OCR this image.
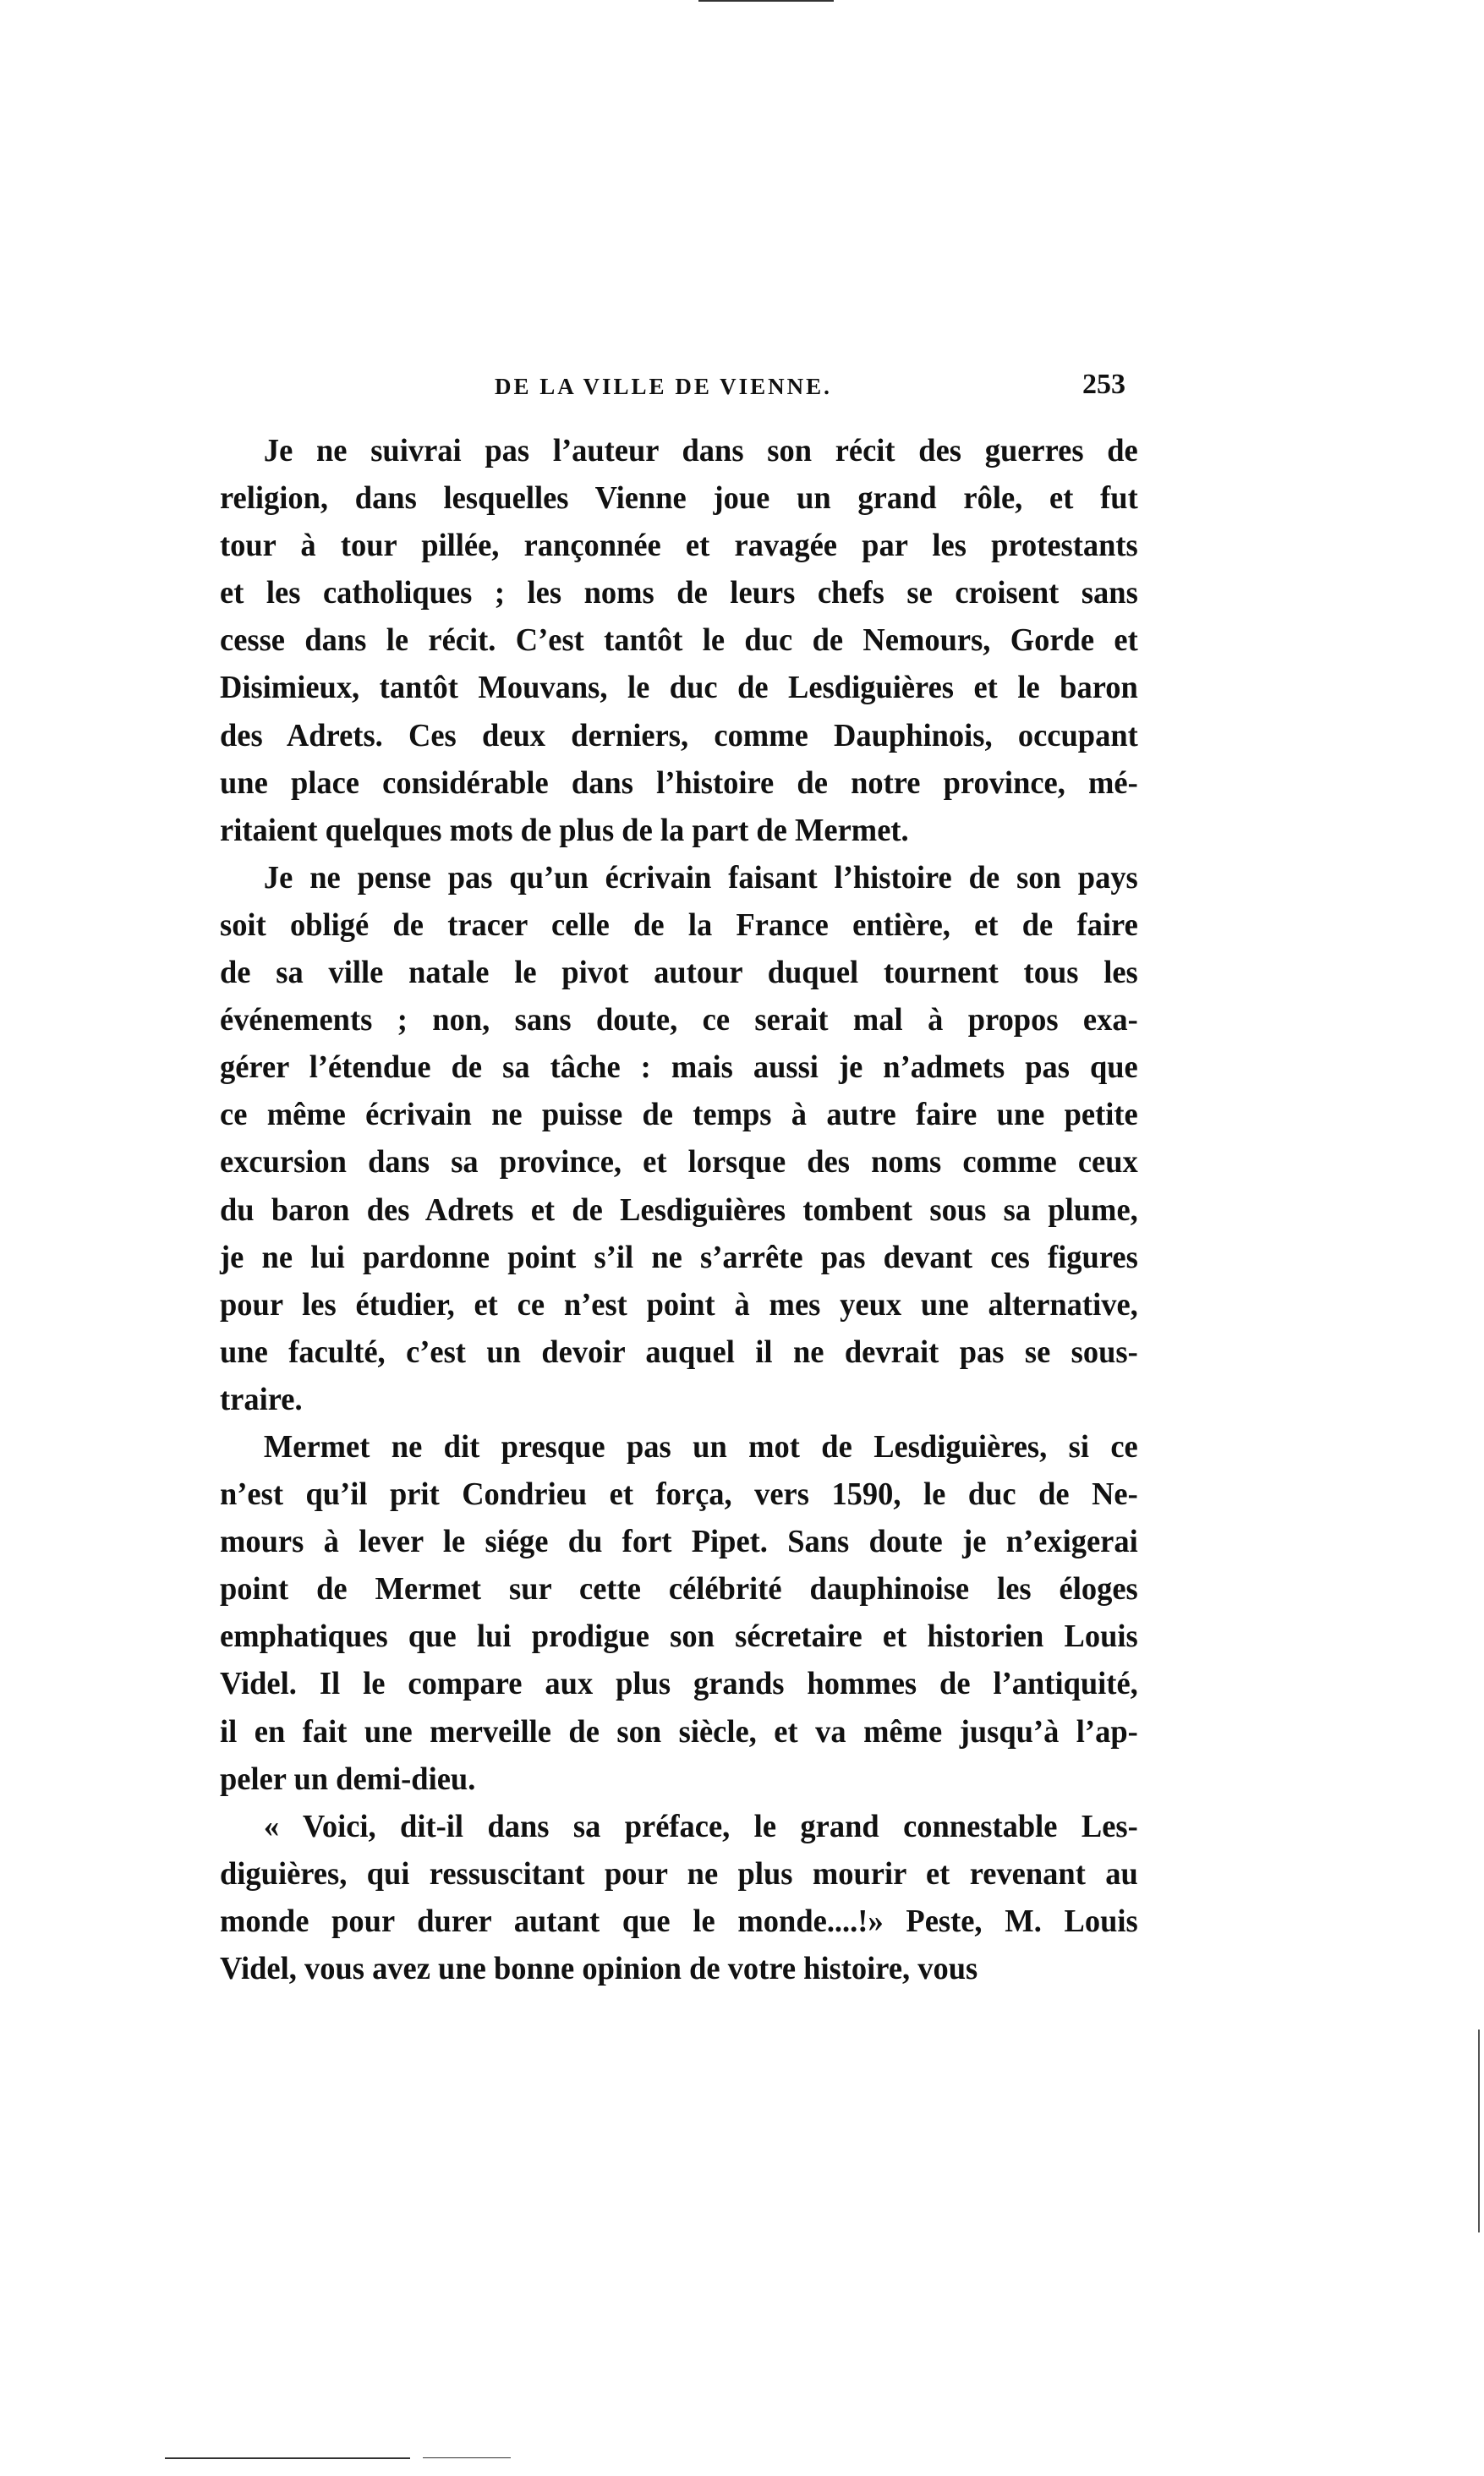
DE LA VILLE DE VIENNE.	253
Je ne suivrai pas l’auteur dans son récit des guerres de
religion, dans lesquelles Vienne joue un grand rôle, et fut
tour à tour pillée, rançonnée et ravagée par les protestants
et les catholiques ; les noms de leurs chefs se croisent sans
cesse dans le récit. C’est tantôt le duc de Nemours, Gorde et
Disimieux, tantôt Mouvans, le duc de Lesdiguières et le baron
des Adrets. Ces deux derniers, comme Dauphinois, occupant
une place considérable dans l’histoire de notre province, mé-
ritaient quelques mots de plus de la part de Mermet.
Je ne pense pas qu’un écrivain faisant l’histoire de son pays
soit obligé de tracer celle de la France entière, et de faire
de sa ville natale le pivot autour duquel tournent tous les
événements ; non, sans doute, ce serait mal à propos exa-
gérer l’étendue de sa tâche : mais aussi je n’admets pas que
ce même écrivain ne puisse de temps à autre faire une petite
excursion dans sa province, et lorsque des noms comme ceux
du baron des Adrets et de Lesdiguières tombent sous sa plume,
je ne lui pardonne point s’il ne s’arrête pas devant ces figures
pour les étudier, et ce n’est point à mes yeux une alternative,
une faculté, c’est un devoir auquel il ne devrait pas se sous-
traire.
Mermet ne dit presque pas un mot de Lesdiguières, si ce
n’est qu’il prit Condrieu et força, vers 1590, le duc de Ne-
mours à lever le siége du fort Pipet. Sans doute je n’exigerai
point de Mermet sur cette célébrité dauphinoise les éloges
emphatiques que lui prodigue son sécretaire et historien Louis
Videl. Il le compare aux plus grands hommes de l’antiquité,
il en fait une merveille de son siècle, et va même jusqu’à l’ap-
peler un demi-dieu.
« Voici, dit-il dans sa préface, le grand connestable Les-
diguières, qui ressuscitant pour ne plus mourir et revenant au
monde pour durer autant que le monde....!» Peste, M. Louis
Videl, vous avez une bonne opinion de votre histoire, vous
